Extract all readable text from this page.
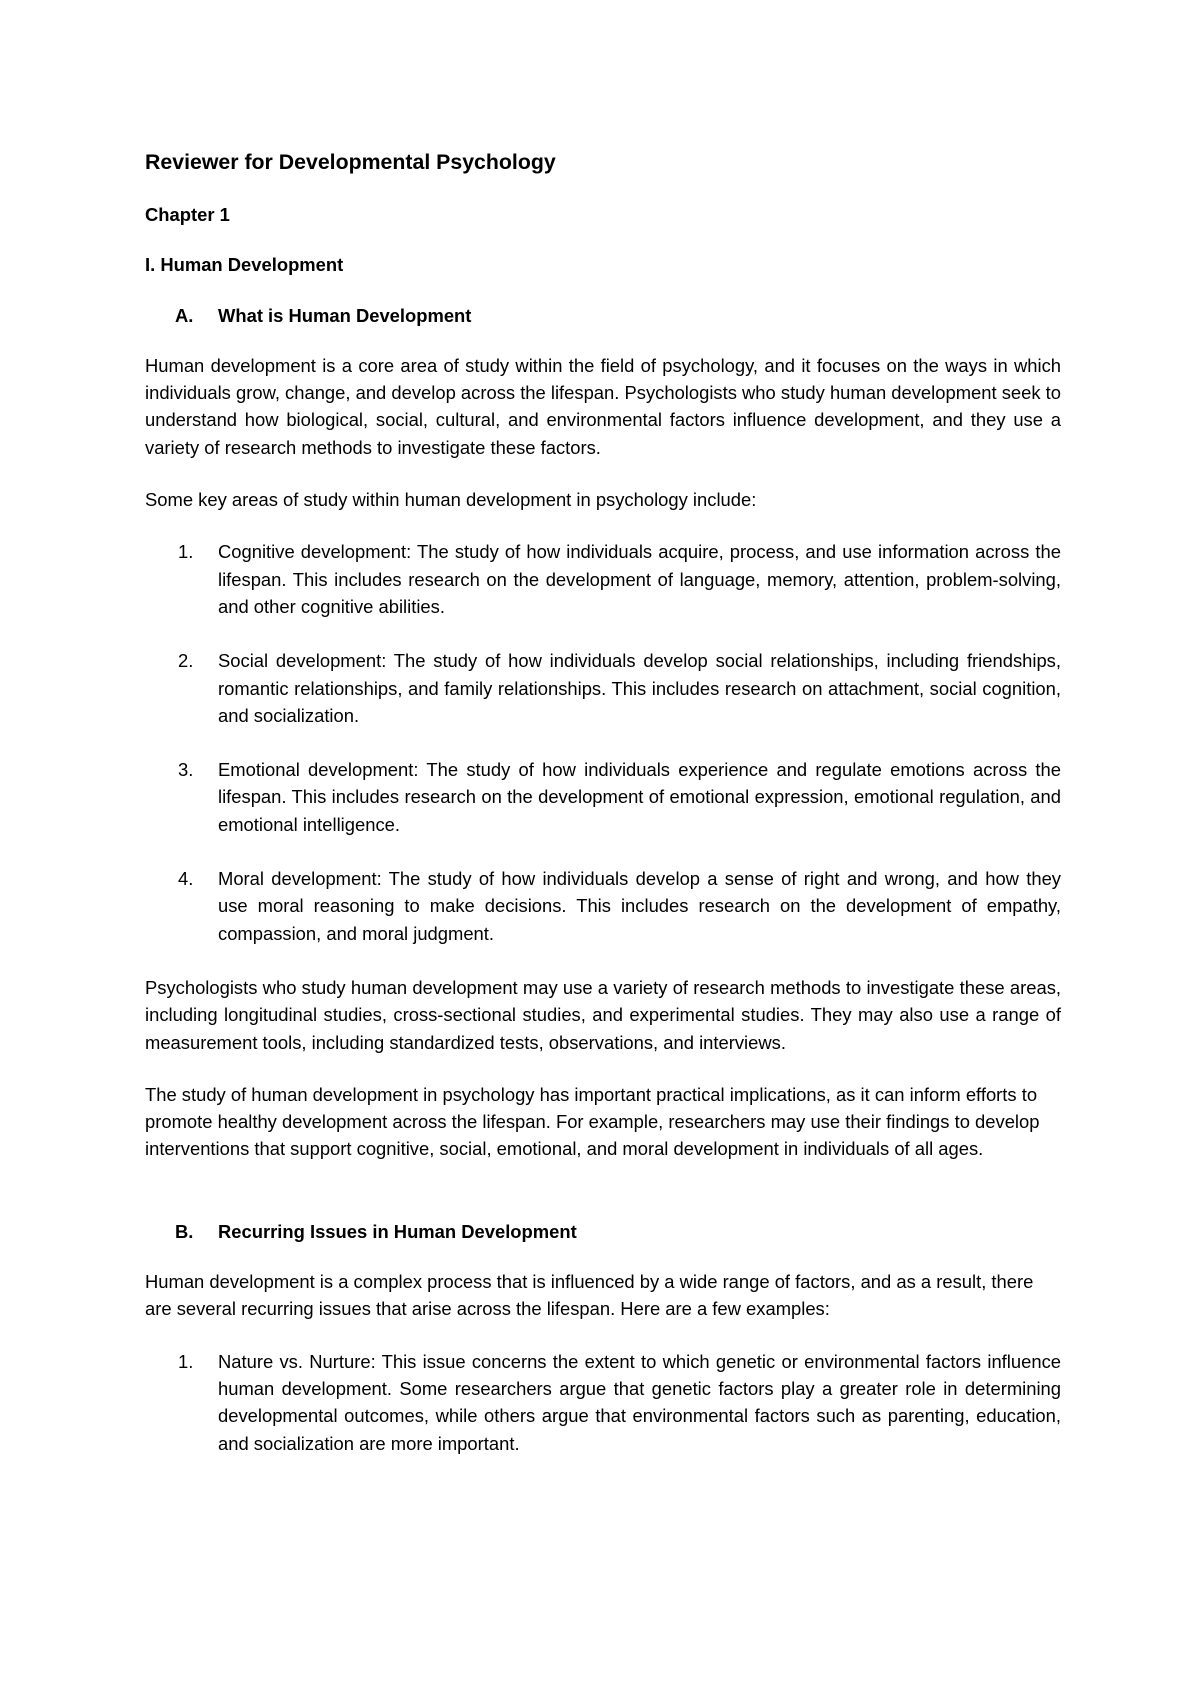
Reviewer for Developmental Psychology
Chapter 1
I. Human Development
A. What is Human Development

Human development is a core area of study within the field of psychology, and it focuses on the ways in which individuals grow, change, and develop across the lifespan. Psychologists who study human development seek to understand how biological, social, cultural, and environmental factors influence development, and they use a variety of research methods to investigate these factors.

Some key areas of study within human development in psychology include:

1. Cognitive development: The study of how individuals acquire, process, and use information across the lifespan. This includes research on the development of language, memory, attention, problem-solving, and other cognitive abilities.
2. Social development: The study of how individuals develop social relationships, including friendships, romantic relationships, and family relationships. This includes research on attachment, social cognition, and socialization.
3. Emotional development: The study of how individuals experience and regulate emotions across the lifespan. This includes research on the development of emotional expression, emotional regulation, and emotional intelligence.
4. Moral development: The study of how individuals develop a sense of right and wrong, and how they use moral reasoning to make decisions. This includes research on the development of empathy, compassion, and moral judgment.

Psychologists who study human development may use a variety of research methods to investigate these areas, including longitudinal studies, cross-sectional studies, and experimental studies. They may also use a range of measurement tools, including standardized tests, observations, and interviews.

The study of human development in psychology has important practical implications, as it can inform efforts to promote healthy development across the lifespan. For example, researchers may use their findings to develop interventions that support cognitive, social, emotional, and moral development in individuals of all ages.

B. Recurring Issues in Human Development

Human development is a complex process that is influenced by a wide range of factors, and as a result, there are several recurring issues that arise across the lifespan. Here are a few examples:

1. Nature vs. Nurture: This issue concerns the extent to which genetic or environmental factors influence human development. Some researchers argue that genetic factors play a greater role in determining developmental outcomes, while others argue that environmental factors such as parenting, education, and socialization are more important.
